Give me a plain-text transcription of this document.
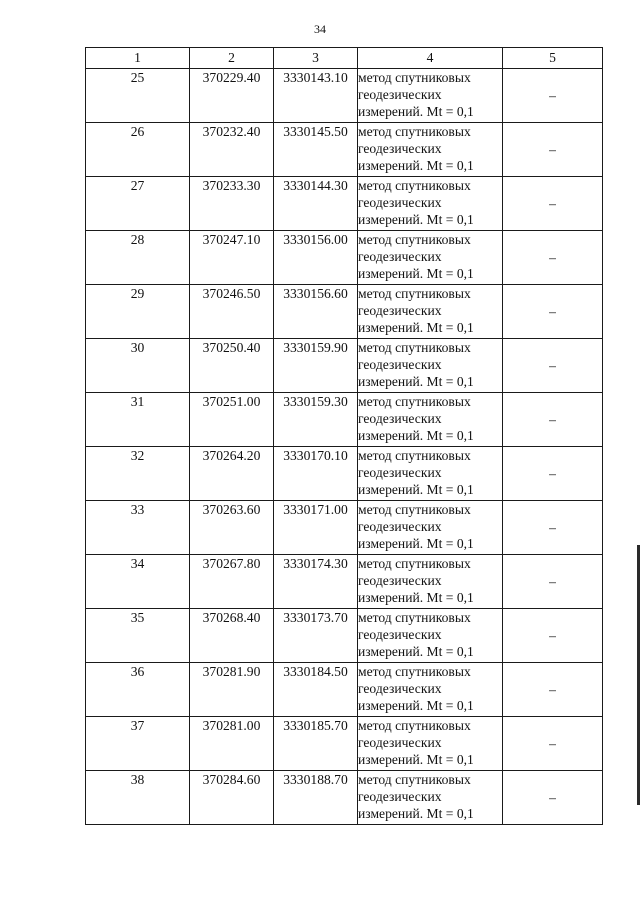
34
1	2	3	4	5
25	370229.40	3330143.10	метод спутниковых
геодезических
измерений. Mt = 0,1	–
26	370232.40	3330145.50	метод спутниковых
геодезических
измерений. Mt = 0,1	–
27	370233.30	3330144.30	метод спутниковых
геодезических
измерений. Mt = 0,1	–
28	370247.10	3330156.00	метод спутниковых
геодезических
измерений. Mt = 0,1	–
29	370246.50	3330156.60	метод спутниковых
геодезических
измерений. Mt = 0,1	–
30	370250.40	3330159.90	метод спутниковых
геодезических
измерений. Mt = 0,1	–
31	370251.00	3330159.30	метод спутниковых
геодезических
измерений. Mt = 0,1	–
32	370264.20	3330170.10	метод спутниковых
геодезических
измерений. Mt = 0,1	–
33	370263.60	3330171.00	метод спутниковых
геодезических
измерений. Mt = 0,1	–
34	370267.80	3330174.30	метод спутниковых
геодезических
измерений. Mt = 0,1	–
35	370268.40	3330173.70	метод спутниковых
геодезических
измерений. Mt = 0,1	–
36	370281.90	3330184.50	метод спутниковых
геодезических
измерений. Mt = 0,1	–
37	370281.00	3330185.70	метод спутниковых
геодезических
измерений. Mt = 0,1	–
38	370284.60	3330188.70	метод спутниковых
геодезических
измерений. Mt = 0,1	–
